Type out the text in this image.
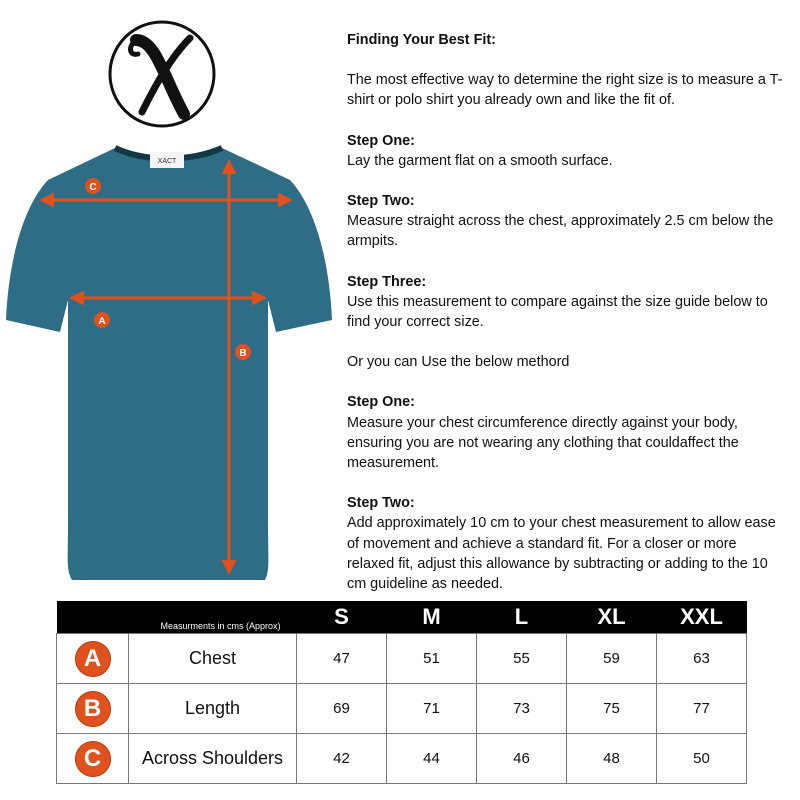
XACT
C
A
B

Finding Your Best Fit:

The most effective way to determine the right size is to measure a T-shirt or polo shirt you already own and like the fit of.

Step One:

Lay the garment flat on a smooth surface.

Step Two:

Measure straight across the chest, approximately 2.5 cm below the armpits.

Step Three:

Use this measurement to compare against the size guide below to find your correct size.

Or you can Use the below methord

Step One:

Measure your chest circumference directly against your body, ensuring you are not wearing any clothing that couldaffect the measurement.

Step Two:

Add approximately 10 cm to your chest measurement to allow ease of movement and achieve a standard fit. For a closer or more relaxed fit, adjust this allowance by subtracting or adding to the 10 cm guideline as needed.

Measurments in cms (Approx)		S	M	L	XL	XXL
A	Chest	47	51	55	59	63
B	Length	69	71	73	75	77
C	Across Shoulders	42	44	46	48	50
